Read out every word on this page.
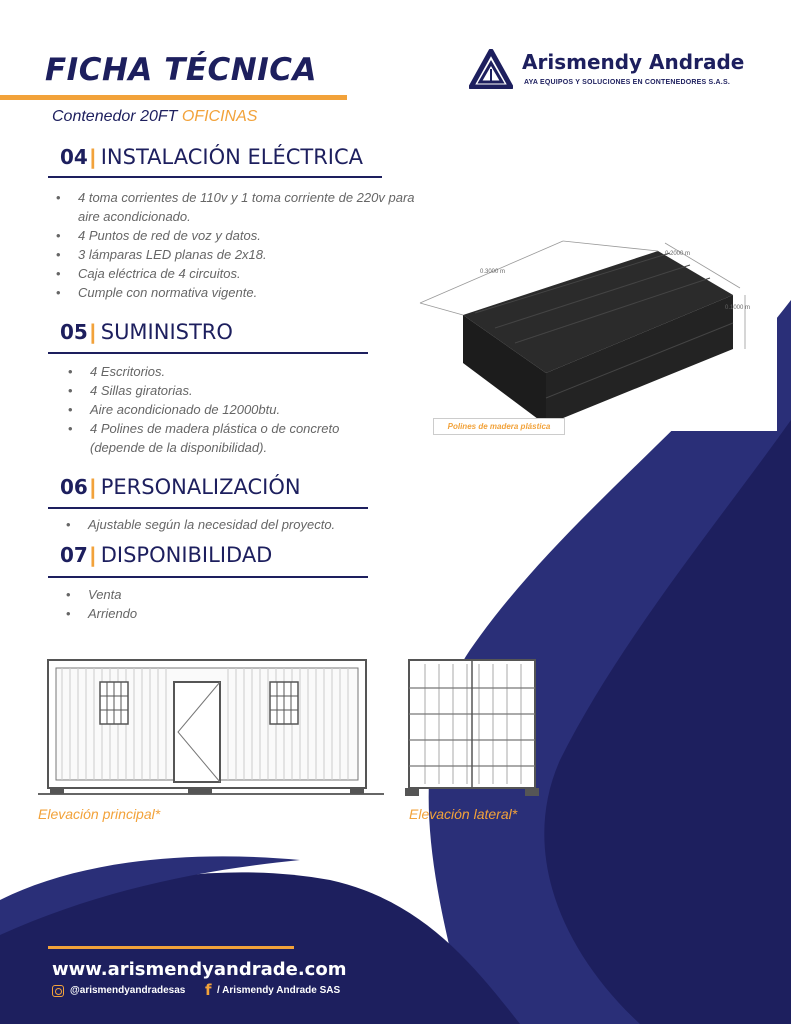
FICHA TÉCNICA
Contenedor 20FT OFICINAS
Arismendy Andrade
AYA EQUIPOS Y SOLUCIONES EN CONTENEDORES S.A.S.
04| INSTALACIÓN ELÉCTRICA
• 4 toma corrientes de 110v y 1 toma corriente de 220v para aire acondicionado.
• 4 Puntos de red de voz y datos.
• 3 lámparas LED planas de 2x18.
• Caja eléctrica de 4 circuitos.
• Cumple con normativa vigente.
05| SUMINISTRO
• 4 Escritorios.
• 4 Sillas giratorias.
• Aire acondicionado de 12000btu.
• 4 Polines de madera plástica o de concreto (depende de la disponibilidad).
06| PERSONALIZACIÓN
• Ajustable según la necesidad del proyecto.
07| DISPONIBILIDAD
• Venta
• Arriendo
0.3000 m
0.2000 m
0.1000 m
Polines de madera plástica
Elevación principal*	Elevación lateral*
www.arismendyandrade.com
@arismendyandradesas f / Arismendy Andrade SAS
